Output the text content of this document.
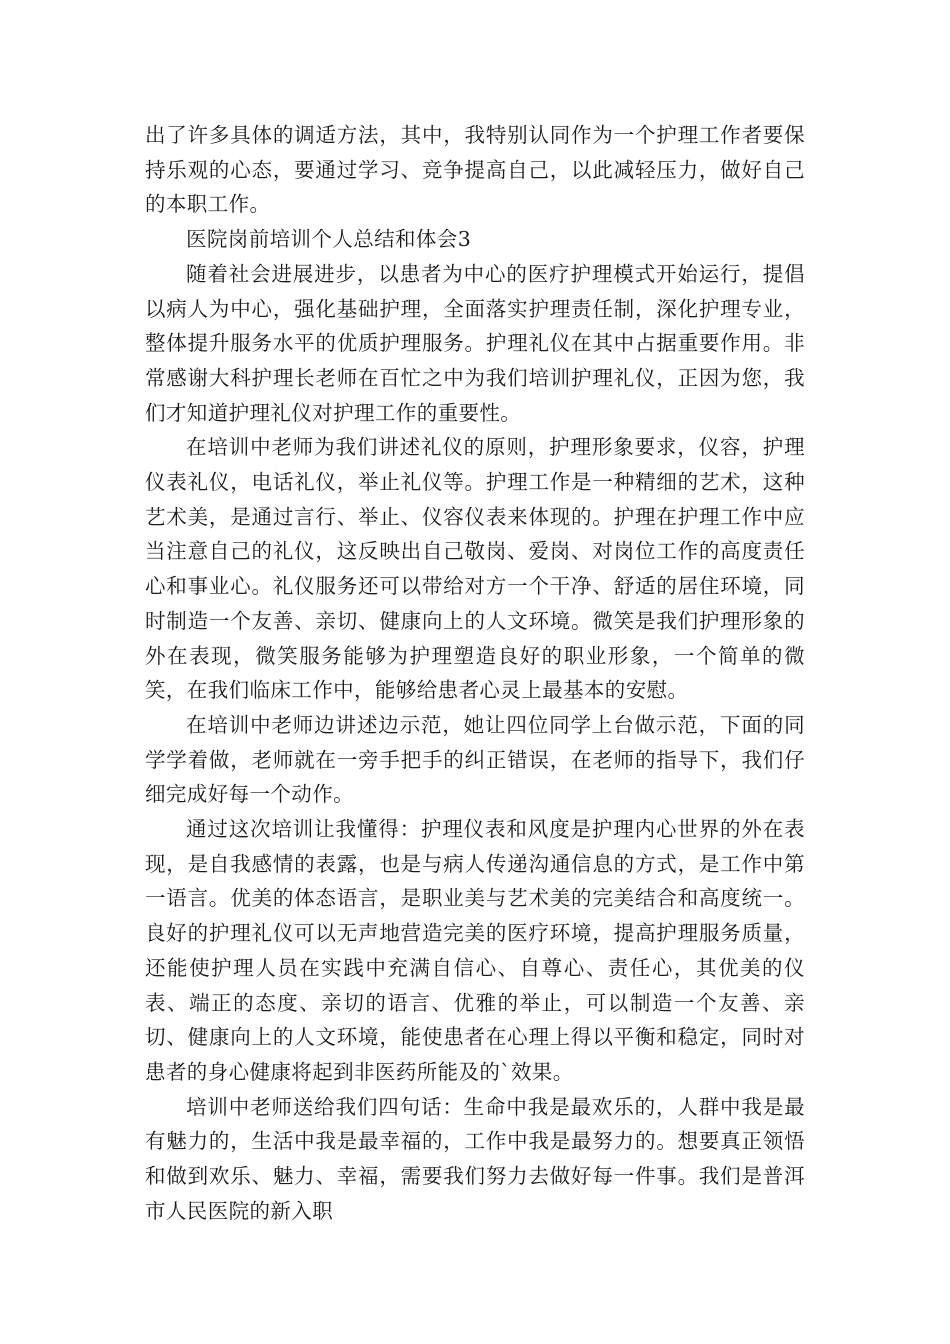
出了许多具体的调适方法，其中，我特别认同作为一个护理工作者要保持乐观的心态，要通过学习、竞争提高自己，以此减轻压力，做好自己的本职工作。

医院岗前培训个人总结和体会3

随着社会进展进步，以患者为中心的医疗护理模式开始运行，提倡以病人为中心，强化基础护理，全面落实护理责任制，深化护理专业，整体提升服务水平的优质护理服务。护理礼仪在其中占据重要作用。非常感谢大科护理长老师在百忙之中为我们培训护理礼仪，正因为您，我们才知道护理礼仪对护理工作的重要性。

在培训中老师为我们讲述礼仪的原则，护理形象要求，仪容，护理仪表礼仪，电话礼仪，举止礼仪等。护理工作是一种精细的艺术，这种艺术美，是通过言行、举止、仪容仪表来体现的。护理在护理工作中应当注意自己的礼仪，这反映出自己敬岗、爱岗、对岗位工作的高度责任心和事业心。礼仪服务还可以带给对方一个干净、舒适的居住环境，同时制造一个友善、亲切、健康向上的人文环境。微笑是我们护理形象的外在表现，微笑服务能够为护理塑造良好的职业形象，一个简单的微笑，在我们临床工作中，能够给患者心灵上最基本的安慰。

在培训中老师边讲述边示范，她让四位同学上台做示范，下面的同学学着做，老师就在一旁手把手的纠正错误，在老师的指导下，我们仔细完成好每一个动作。

通过这次培训让我懂得：护理仪表和风度是护理内心世界的外在表现，是自我感情的表露，也是与病人传递沟通信息的方式，是工作中第一语言。优美的体态语言，是职业美与艺术美的完美结合和高度统一。良好的护理礼仪可以无声地营造完美的医疗环境，提高护理服务质量，还能使护理人员在实践中充满自信心、自尊心、责任心，其优美的仪表、端正的态度、亲切的语言、优雅的举止，可以制造一个友善、亲切、健康向上的人文环境，能使患者在心理上得以平衡和稳定，同时对患者的身心健康将起到非医药所能及的`效果。

培训中老师送给我们四句话：生命中我是最欢乐的，人群中我是最有魅力的，生活中我是最幸福的，工作中我是最努力的。想要真正领悟和做到欢乐、魅力、幸福，需要我们努力去做好每一件事。我们是普洱市人民医院的新入职
